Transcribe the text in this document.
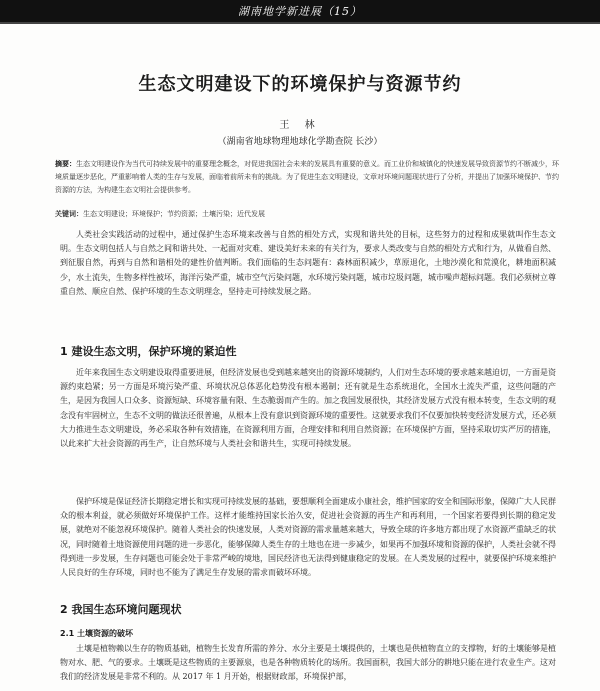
湖南地学新进展（15）
生态文明建设下的环境保护与资源节约
王 林
（湖南省地球物理地球化学勘查院 长沙）
摘要：生态文明建设作为当代可持续发展中的重要理念概念，对促进我国社会未来的发展具有重要的意义。而工业价和城镇化的快速发展导致资源节约不断减少，环境质量逐步恶化，严重影响着人类的生存与发展，面临着前所未有的挑战。为了促进生态文明建设，文章对环境问题现状进行了分析，并提出了加强环境保护、节约资源的方法，为构建生态文明社会提供参考。
关键词：生态文明建设；环境保护；节约资源；土壤污染；近代发展

人类社会实践活动的过程中，通过保护生态环境来改善与自然的相处方式，实现和谐共处的目标，这些努力的过程和成果就叫作生态文明。生态文明包括人与自然之间和谐共处、一起面对灾难、建设美好未来的有关行为，要求人类改变与自然的相处方式和行为，从做看自然、到征服自然，再到与自然和谐相处的建性价值判断。我们面临的生态问题有：森林面积减少，草原退化，土地沙漠化和荒漠化，耕地面积减少，水土流失，生物多样性被坏，海洋污染严重，城市空气污染问题，水环境污染问题，城市垃圾问题，城市噪声超标问题。我们必须树立尊重自然、顺应自然、保护环境的生态文明理念，坚持走可持续发展之路。

1 建设生态文明，保护环境的紧迫性

近年来我国生态文明建设取得重要进展，但经济发展也受到越来越突出的资源环境制约，人们对生态环境的要求越来越迫切，一方面是资源约束趋紧；另一方面是环境污染严重、环境状况总体恶化趋势没有根本遏制；还有就是生态系统退化，全国水土流失严重，这些问题的产生，是因为我国人口众多、资源短缺、环境容量有限、生态脆弱而产生的。加之我国发展很快，其经济发展方式没有根本转变，生态文明的观念没有牢固树立，生态不文明的做法还很普遍，从根本上没有意识到资源环境的重要性。这就要求我们不仅要加快转变经济发展方式，还必须大力推进生态文明建设，务必采取各种有效措施，在资源利用方面，合理安排和利用自然资源；在环境保护方面，坚持采取切实严厉的措施，以此来扩大社会资源的再生产，让自然环境与人类社会和谐共生，实现可持续发展。

保护环境是保证经济长期稳定增长和实现可持续发展的基础，要想顺利全面建成小康社会，维护国家的安全和国际形象，保障广大人民群众的根本利益，就必须做好环境保护工作。这样才能维持国家长治久安，促进社会资源的再生产和再利用，一个国家若要得到长期的稳定发展，就绝对不能忽视环境保护。随着人类社会的快速发展，人类对资源的需求量越来越大，导致全球的许多地方都出现了水资源严重缺乏的状况，同时随着土地资源使用问题的进一步恶化，能够保障人类生存的土地也在进一步减少，如果再不加强环境和资源的保护，人类社会就不得得到进一步发展，生存问题也可能会处于非常严峻的境地，国民经济也无法得到健康稳定的发展。在人类发展的过程中，就要保护环境来维护人民良好的生存环境，同时也不能为了满足生存发展的需求而破坏环境。

2 我国生态环境问题现状
2.1 土壤资源的破坏

土壤是植物赖以生存的物质基础，植物生长发育所需的养分、水分主要是土壤提供的，土壤也是供植物直立的支撑物，好的土壤能够是植物对水、肥、气的要求。土壤既是这些物质的主要源泉，也是各种物质转化的场所。我国面积，我国大部分的耕地只能在进行农业生产。这对我们的经济发展是非常不利的。从 2017 年 1 月开始，根据财政部，环境保护部，
